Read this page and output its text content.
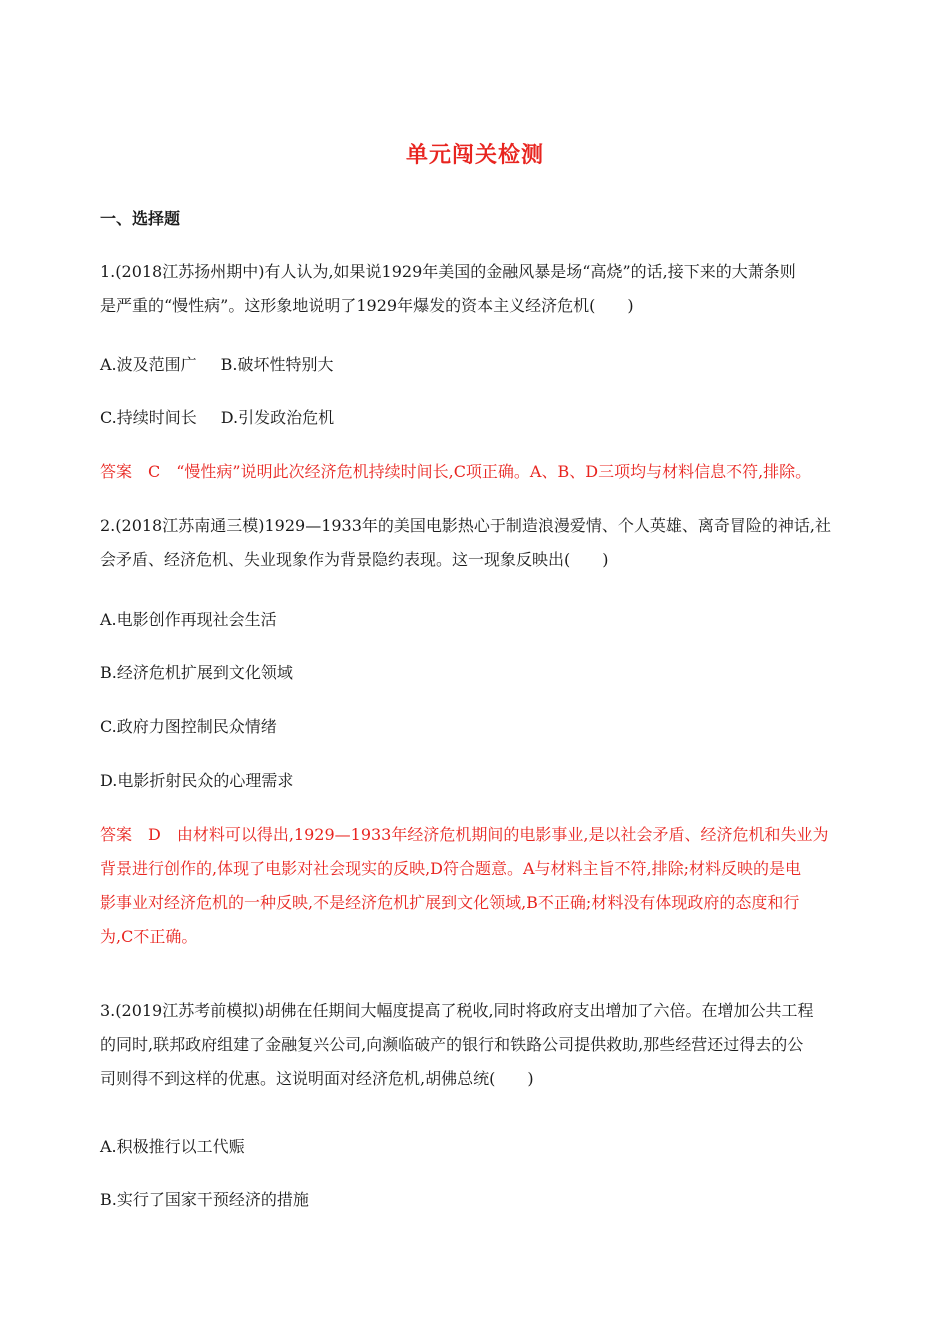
单元闯关检测
一、选择题
1.(2018江苏扬州期中)有人认为,如果说1929年美国的金融风暴是场“高烧”的话,接下来的大萧条则
是严重的“慢性病”。这形象地说明了1929年爆发的资本主义经济危机(　　)
A.波及范围广 B.破坏性特别大
C.持续时间长 D.引发政治危机
答案　C　“慢性病”说明此次经济危机持续时间长,C项正确。A、B、D三项均与材料信息不符,排除。
2.(2018江苏南通三模)1929—1933年的美国电影热心于制造浪漫爱情、个人英雄、离奇冒险的神话,社
会矛盾、经济危机、失业现象作为背景隐约表现。这一现象反映出(　　)
A.电影创作再现社会生活
B.经济危机扩展到文化领域
C.政府力图控制民众情绪
D.电影折射民众的心理需求
答案　D　由材料可以得出,1929—1933年经济危机期间的电影事业,是以社会矛盾、经济危机和失业为
背景进行创作的,体现了电影对社会现实的反映,D符合题意。A与材料主旨不符,排除;材料反映的是电
影事业对经济危机的一种反映,不是经济危机扩展到文化领域,B不正确;材料没有体现政府的态度和行
为,C不正确。
3.(2019江苏考前模拟)胡佛在任期间大幅度提高了税收,同时将政府支出增加了六倍。在增加公共工程
的同时,联邦政府组建了金融复兴公司,向濒临破产的银行和铁路公司提供救助,那些经营还过得去的公
司则得不到这样的优惠。这说明面对经济危机,胡佛总统(　　)
A.积极推行以工代赈
B.实行了国家干预经济的措施
